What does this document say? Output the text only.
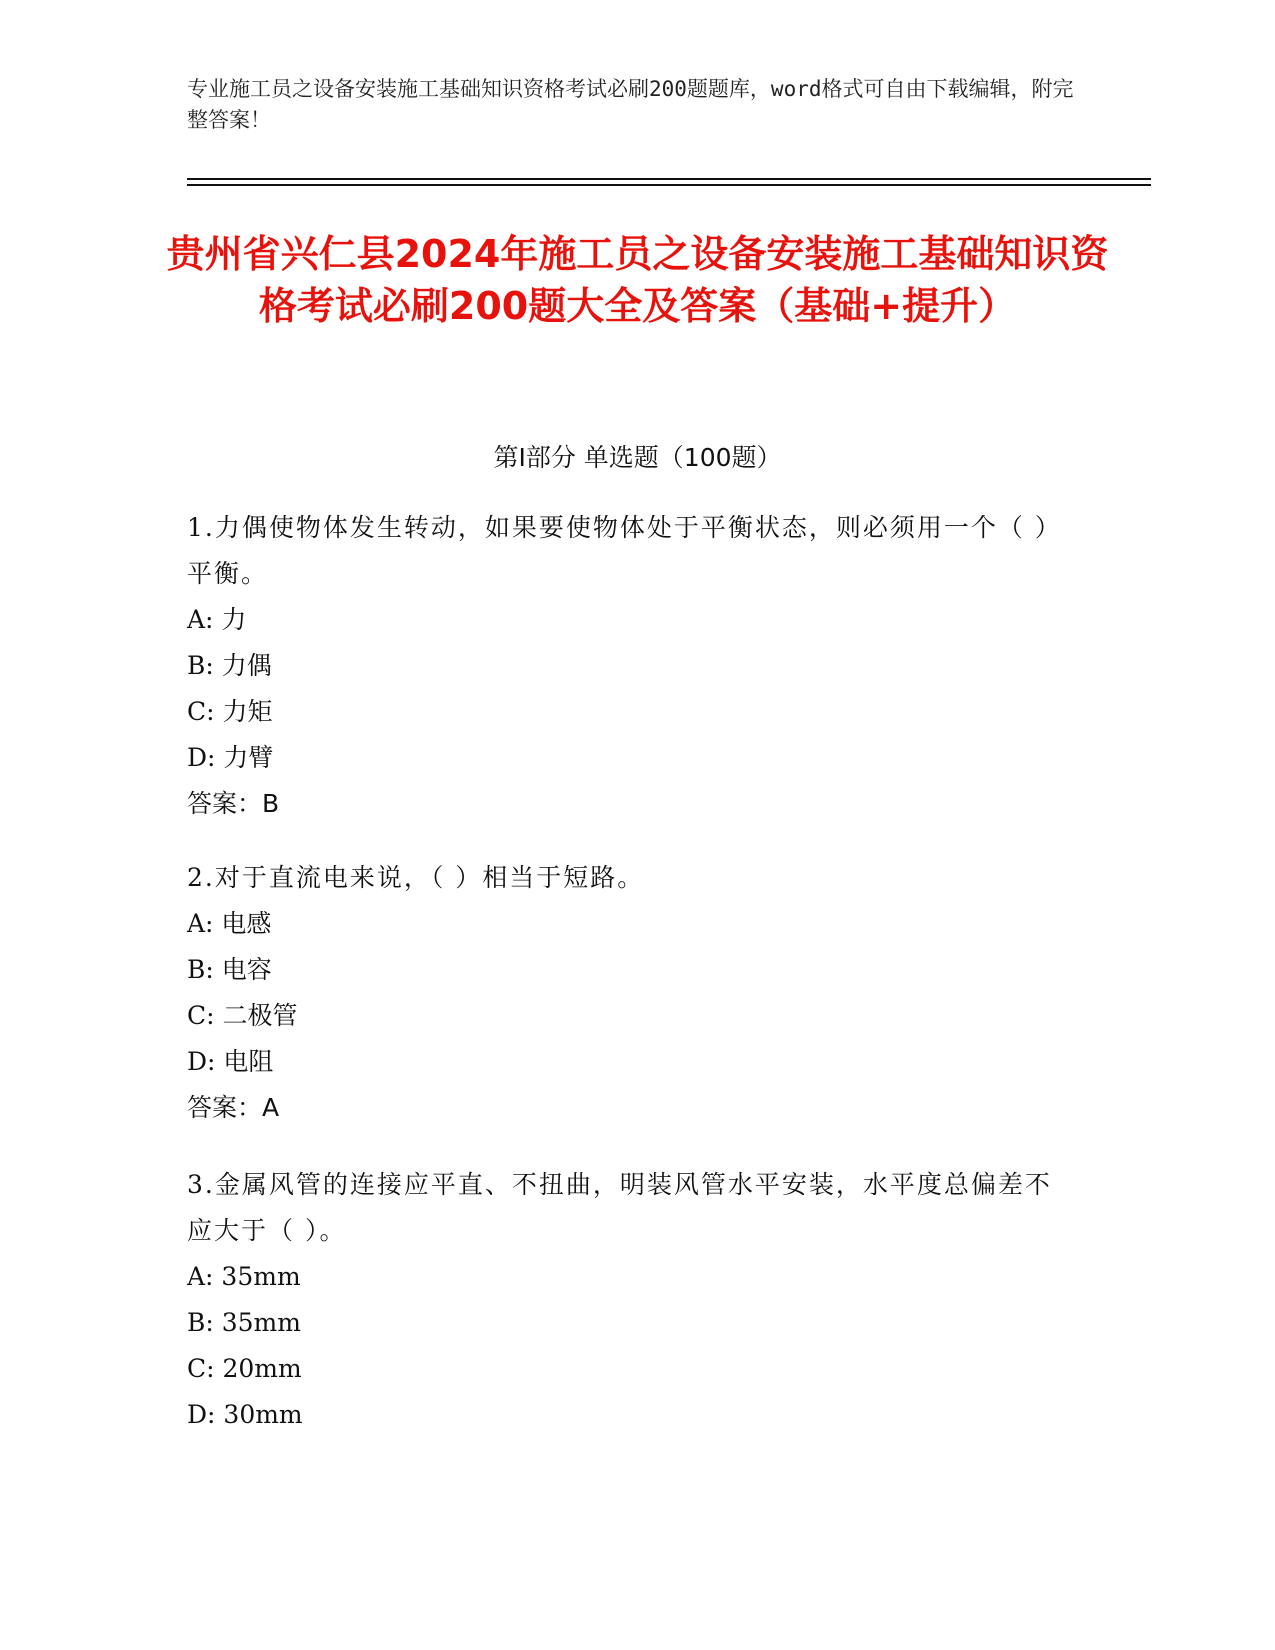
专业施工员之设备安装施工基础知识资格考试必刷200题题库，word格式可自由下载编辑，附完整答案！
贵州省兴仁县2024年施工员之设备安装施工基础知识资格考试必刷200题大全及答案（基础+提升）
第I部分 单选题（100题）
1.力偶使物体发生转动，如果要使物体处于平衡状态，则必须用一个（ ）平衡。
A: 力
B: 力偶
C: 力矩
D: 力臂
答案：B
2.对于直流电来说，（ ）相当于短路。
A: 电感
B: 电容
C: 二极管
D: 电阻
答案：A
3.金属风管的连接应平直、不扭曲，明装风管水平安装，水平度总偏差不应大于（ ）。
A: 35mm
B: 35mm
C: 20mm
D: 30mm
